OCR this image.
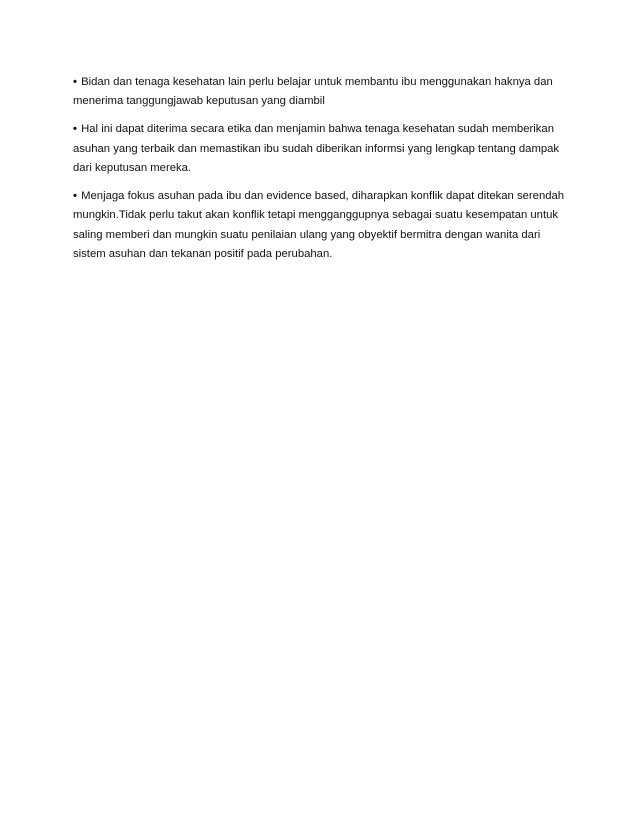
• Bidan dan tenaga kesehatan lain perlu belajar untuk membantu ibu menggunakan haknya dan menerima tanggungjawab keputusan yang diambil

• Hal ini dapat diterima secara etika dan menjamin bahwa tenaga kesehatan sudah memberikan asuhan yang terbaik dan memastikan ibu sudah diberikan informsi yang lengkap tentang dampak dari keputusan mereka.

• Menjaga fokus asuhan pada ibu dan evidence based, diharapkan konflik dapat ditekan serendah mungkin.Tidak perlu takut akan konflik tetapi mengganggupnya sebagai suatu kesempatan untuk saling memberi dan mungkin suatu penilaian ulang yang obyektif bermitra dengan wanita dari sistem asuhan dan tekanan positif pada perubahan.
